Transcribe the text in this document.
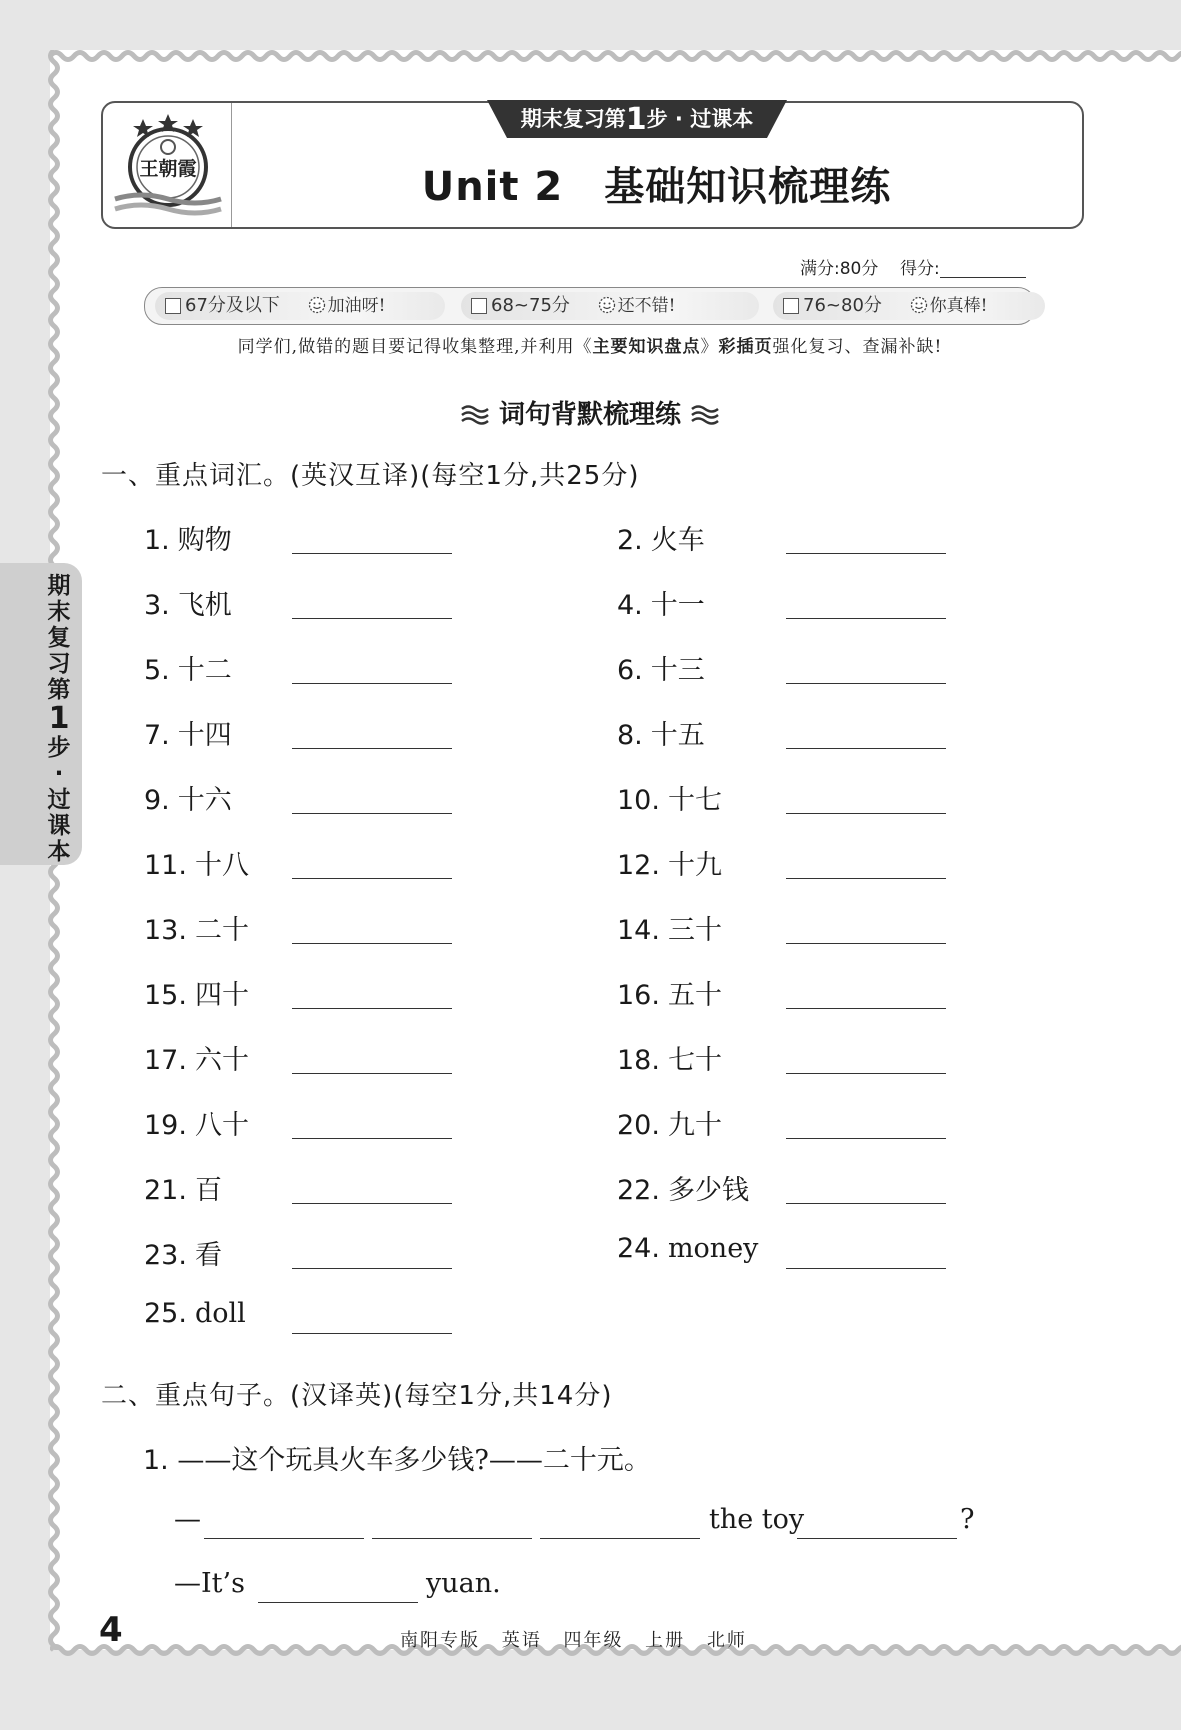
王朝霞
期末复习第1步 · 过课本
Unit 2　基础知识梳理练
满分:80分 得分:
67分及以下	加油呀!	68~75分	还不错!	76~80分	你真棒!
同学们,做错的题目要记得收集整理,并利用《主要知识盘点》彩插页强化复习、查漏补缺!
词句背默梳理练
一、重点词汇。(英汉互译)(每空1分,共25分)
1. 购物	2. 火车
3. 飞机	4. 十一
5. 十二	6. 十三
7. 十四	8. 十五
9. 十六	10. 十七
11. 十八	12. 十九
13. 二十	14. 三十
15. 四十	16. 五十
17. 六十	18. 七十
19. 八十	20. 九十
21. 百	22. 多少钱
23. 看	24. money
25. doll
二、重点句子。(汉译英)(每空1分,共14分)
1. ——这个玩具火车多少钱?——二十元。
—	the toy	?
—It’s	yuan.
期末复习第
1
步·过课本
4	南阳专版 英语 四年级 上册 北师
